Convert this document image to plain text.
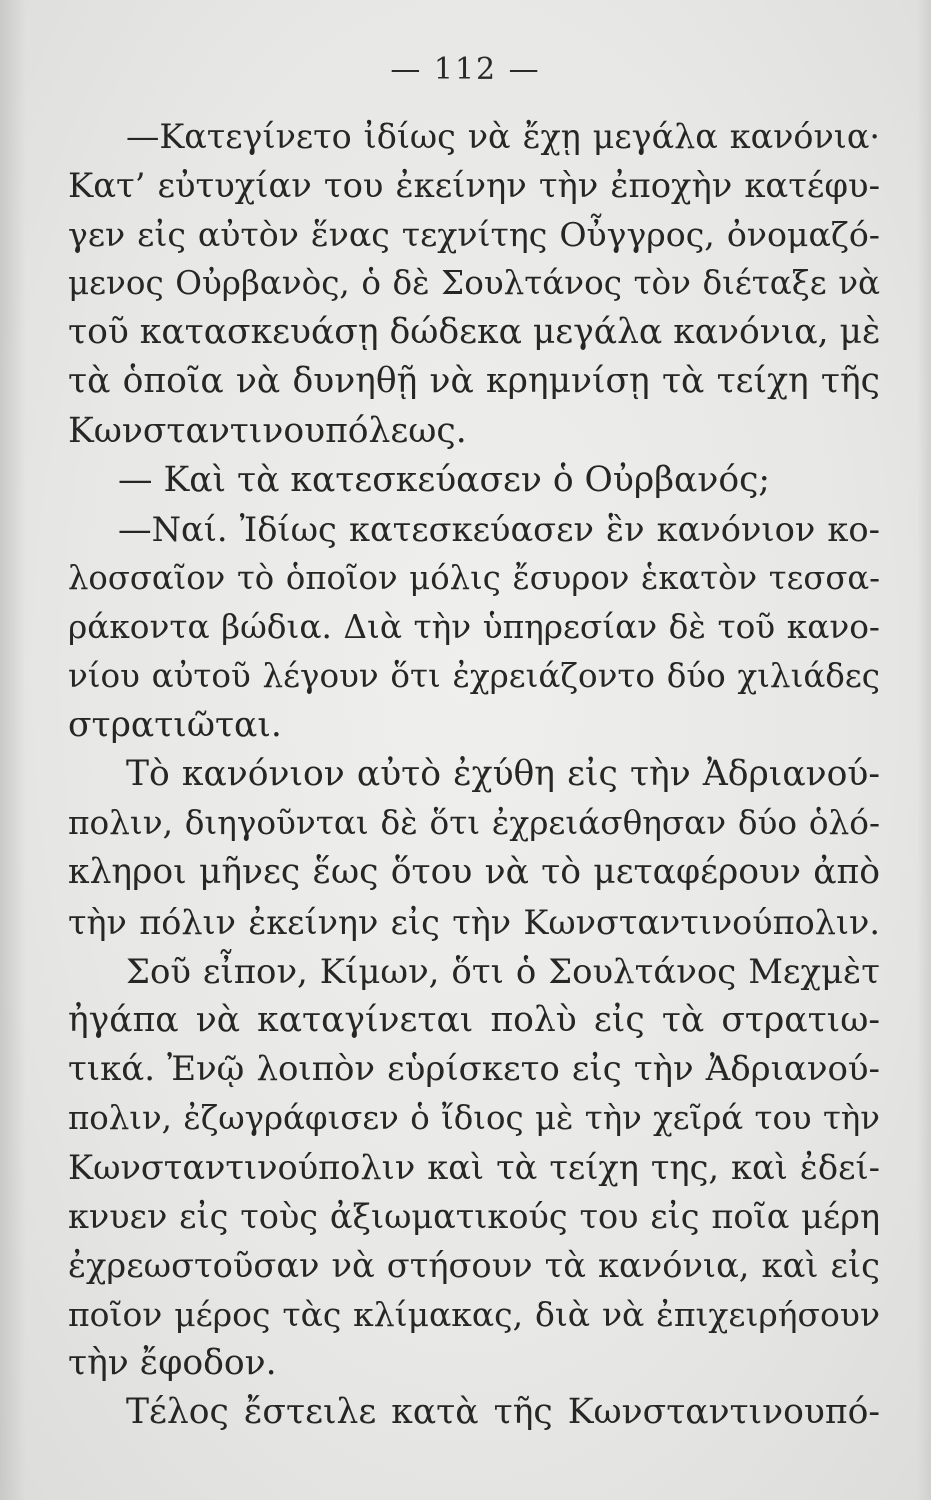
— 112 —
—Κατεγίνετο ἰδίως νὰ ἔχῃ μεγάλα κανόνια·
Κατ’ εὐτυχίαν του ἐκείνην τὴν ἐποχὴν κατέφυ-
γεν εἰς αὐτὸν ἕνας τεχνίτης Οὖγγρος, ὀνομαζό-
μενος Οὐρβανὸς, ὁ δὲ Σουλτάνος τὸν διέταξε νὰ
τοῦ κατασκευάσῃ δώδεκα μεγάλα κανόνια, μὲ
τὰ ὁποῖα νὰ δυνηθῇ νὰ κρημνίσῃ τὰ τείχη τῆς
Κωνσταντινουπόλεως.
— Καὶ τὰ κατεσκεύασεν ὁ Οὐρβανός;
—Ναί. Ἰδίως κατεσκεύασεν ἓν κανόνιον κο-
λοσσαῖον τὸ ὁποῖον μόλις ἔσυρον ἑκατὸν τεσσα-
ράκοντα βώδια. Διὰ τὴν ὑπηρεσίαν δὲ τοῦ κανο-
νίου αὐτοῦ λέγουν ὅτι ἐχρειάζοντο δύο χιλιάδες
στρατιῶται.
Τὸ κανόνιον αὐτὸ ἐχύθη εἰς τὴν Ἀδριανού-
πολιν, διηγοῦνται δὲ ὅτι ἐχρειάσθησαν δύο ὁλό-
κληροι μῆνες ἕως ὅτου νὰ τὸ μεταφέρουν ἀπὸ
τὴν πόλιν ἐκείνην εἰς τὴν Κωνσταντινούπολιν.
Σοῦ εἶπον, Κίμων, ὅτι ὁ Σουλτάνος Μεχμὲτ
ἠγάπα νὰ καταγίνεται πολὺ εἰς τὰ στρατιω-
τικά. Ἐνῷ λοιπὸν εὑρίσκετο εἰς τὴν Ἀδριανού-
πολιν, ἐζωγράφισεν ὁ ἴδιος μὲ τὴν χεῖρά του τὴν
Κωνσταντινούπολιν καὶ τὰ τείχη της, καὶ ἐδεί-
κνυεν εἰς τοὺς ἀξιωματικούς του εἰς ποῖα μέρη
ἐχρεωστοῦσαν νὰ στήσουν τὰ κανόνια, καὶ εἰς
ποῖον μέρος τὰς κλίμακας, διὰ νὰ ἐπιχειρήσουν
τὴν ἔφοδον.
Τέλος ἔστειλε κατὰ τῆς Κωνσταντινουπό-
